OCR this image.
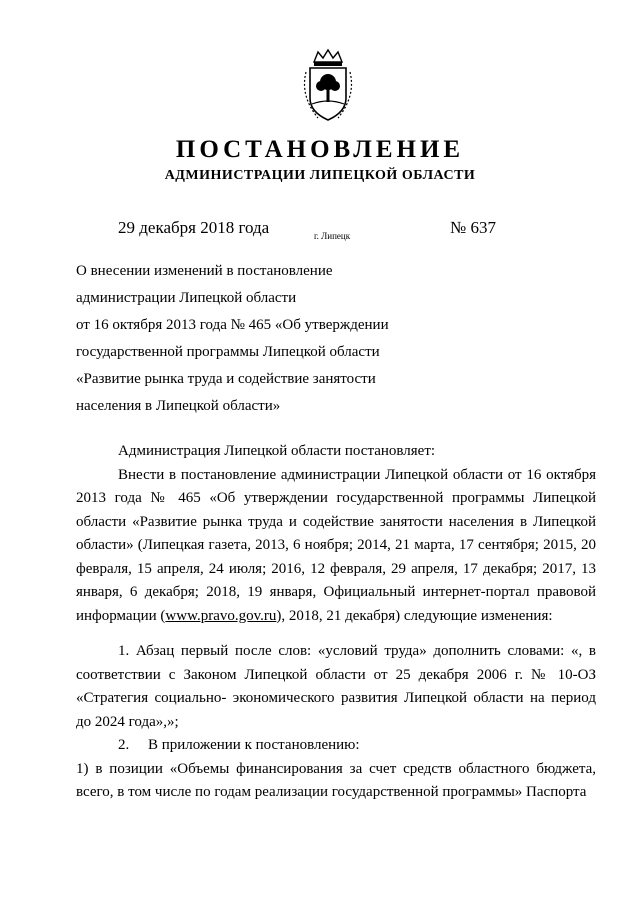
ПОСТАНОВЛЕНИЕ
АДМИНИСТРАЦИИ ЛИПЕЦКОЙ ОБЛАСТИ
29 декабря 2018 года	г. Липецк	№ 637
О внесении изменений в постановление
администрации Липецкой области
от 16 октября 2013 года № 465 «Об утверждении
государственной программы Липецкой области
«Развитие рынка труда и содействие занятости
населения в Липецкой области»

Администрация Липецкой области постановляет:

Внести в постановление администрации Липецкой области от 16 октября 2013 года № 465 «Об утверждении государственной программы Липецкой области «Развитие рынка труда и содействие занятости населения в Липецкой области» (Липецкая газета, 2013, 6 ноября; 2014, 21 марта, 17 сентября; 2015, 20 февраля, 15 апреля, 24 июля; 2016, 12 февраля, 29 апреля, 17 декабря; 2017, 13 января, 6 декабря; 2018, 19 января, Официальный интернет-портал правовой информации (www.pravo.gov.ru), 2018, 21 декабря) следующие изменения:

1. Абзац первый после слов: «условий труда» дополнить словами: «, в соответствии с Законом Липецкой области от 25 декабря 2006 г. № 10-ОЗ «Стратегия социально- экономического развития Липецкой области на период до 2024 года»,»;

2.     В приложении к постановлению:

1) в позиции «Объемы финансирования за счет средств областного бюджета, всего, в том числе по годам реализации государственной программы» Паспорта
